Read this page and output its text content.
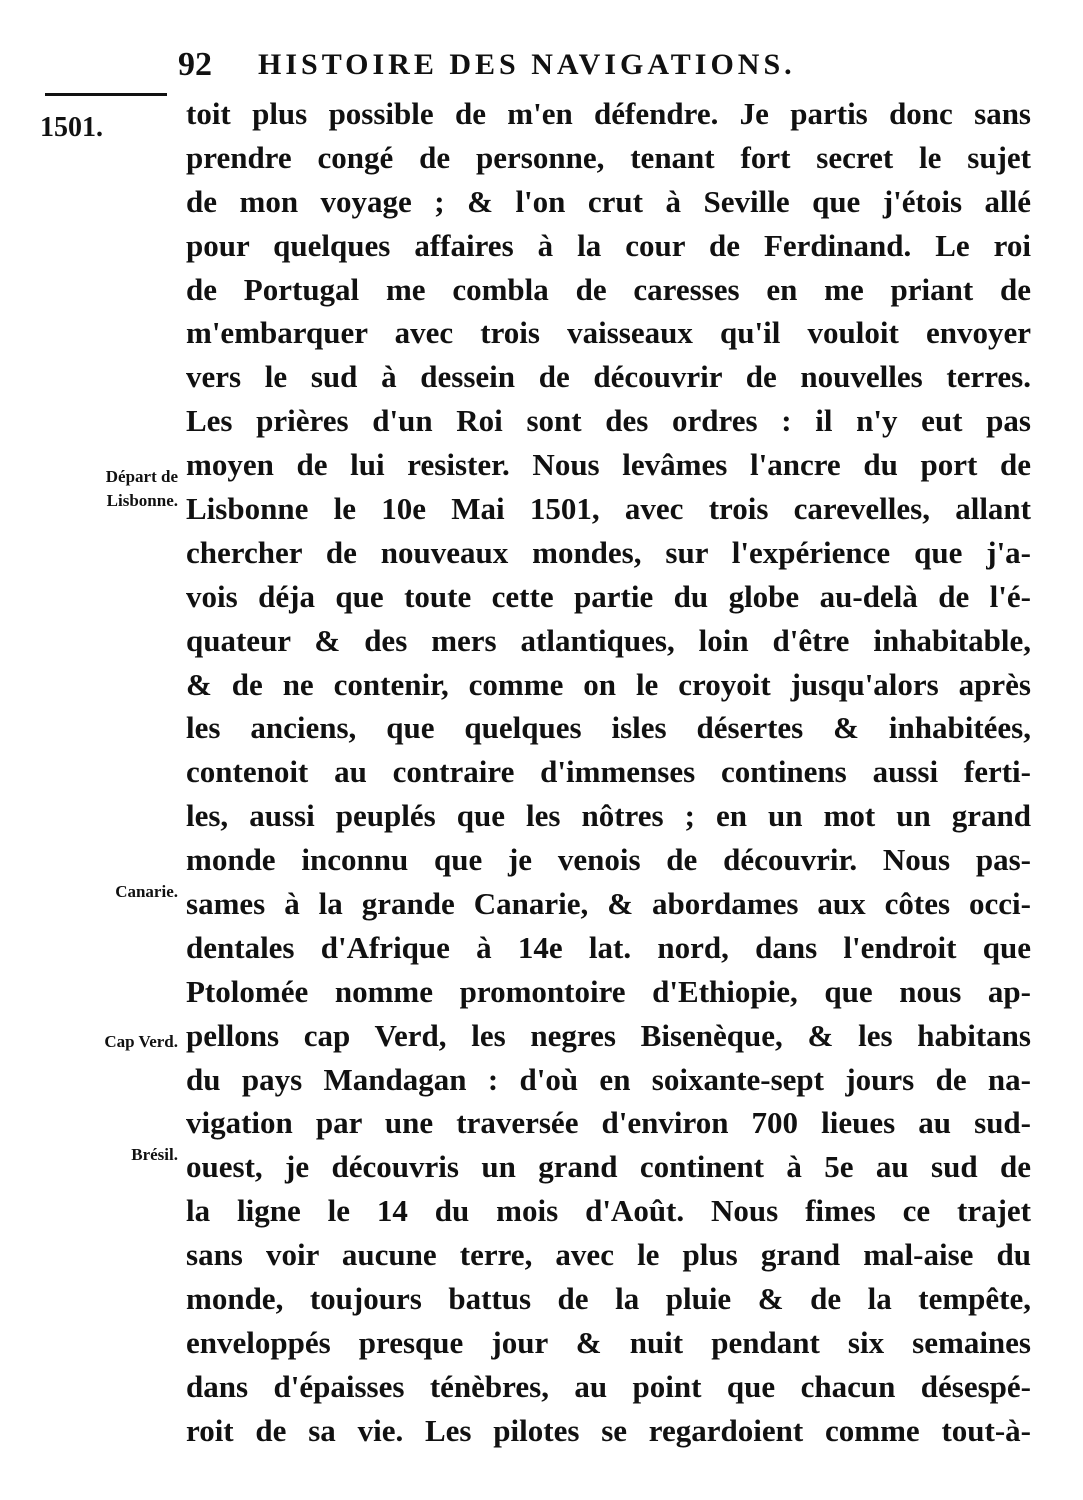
92 HISTOIRE DES NAVIGATIONS.
1501.
Départ de Lisbonne.
Canarie.
Cap Verd.
Brésil.
toit plus possible de m'en défendre. Je partis donc sans
prendre congé de personne, tenant fort secret le sujet
de mon voyage ; & l'on crut à Seville que j'étois allé
pour quelques affaires à la cour de Ferdinand. Le roi
de Portugal me combla de caresses en me priant de
m'embarquer avec trois vaisseaux qu'il vouloit envoyer
vers le sud à dessein de découvrir de nouvelles terres.
Les prières d'un Roi sont des ordres : il n'y eut pas
moyen de lui resister. Nous levâmes l'ancre du port de
Lisbonne le 10e Mai 1501, avec trois carevelles, allant
chercher de nouveaux mondes, sur l'expérience que j'a-
vois déja que toute cette partie du globe au-delà de l'é-
quateur & des mers atlantiques, loin d'être inhabitable,
& de ne contenir, comme on le croyoit jusqu'alors après
les anciens, que quelques isles désertes & inhabitées,
contenoit au contraire d'immenses continens aussi ferti-
les, aussi peuplés que les nôtres ; en un mot un grand
monde inconnu que je venois de découvrir. Nous pas-
sames à la grande Canarie, & abordames aux côtes occi-
dentales d'Afrique à 14e lat. nord, dans l'endroit que
Ptolomée nomme promontoire d'Ethiopie, que nous ap-
pellons cap Verd, les negres Bisenèque, & les habitans
du pays Mandagan : d'où en soixante-sept jours de na-
vigation par une traversée d'environ 700 lieues au sud-
ouest, je découvris un grand continent à 5e au sud de
la ligne le 14 du mois d'Août. Nous fimes ce trajet
sans voir aucune terre, avec le plus grand mal-aise du
monde, toujours battus de la pluie & de la tempête,
enveloppés presque jour & nuit pendant six semaines
dans d'épaisses ténèbres, au point que chacun désespé-
roit de sa vie. Les pilotes se regardoient comme tout-à-
